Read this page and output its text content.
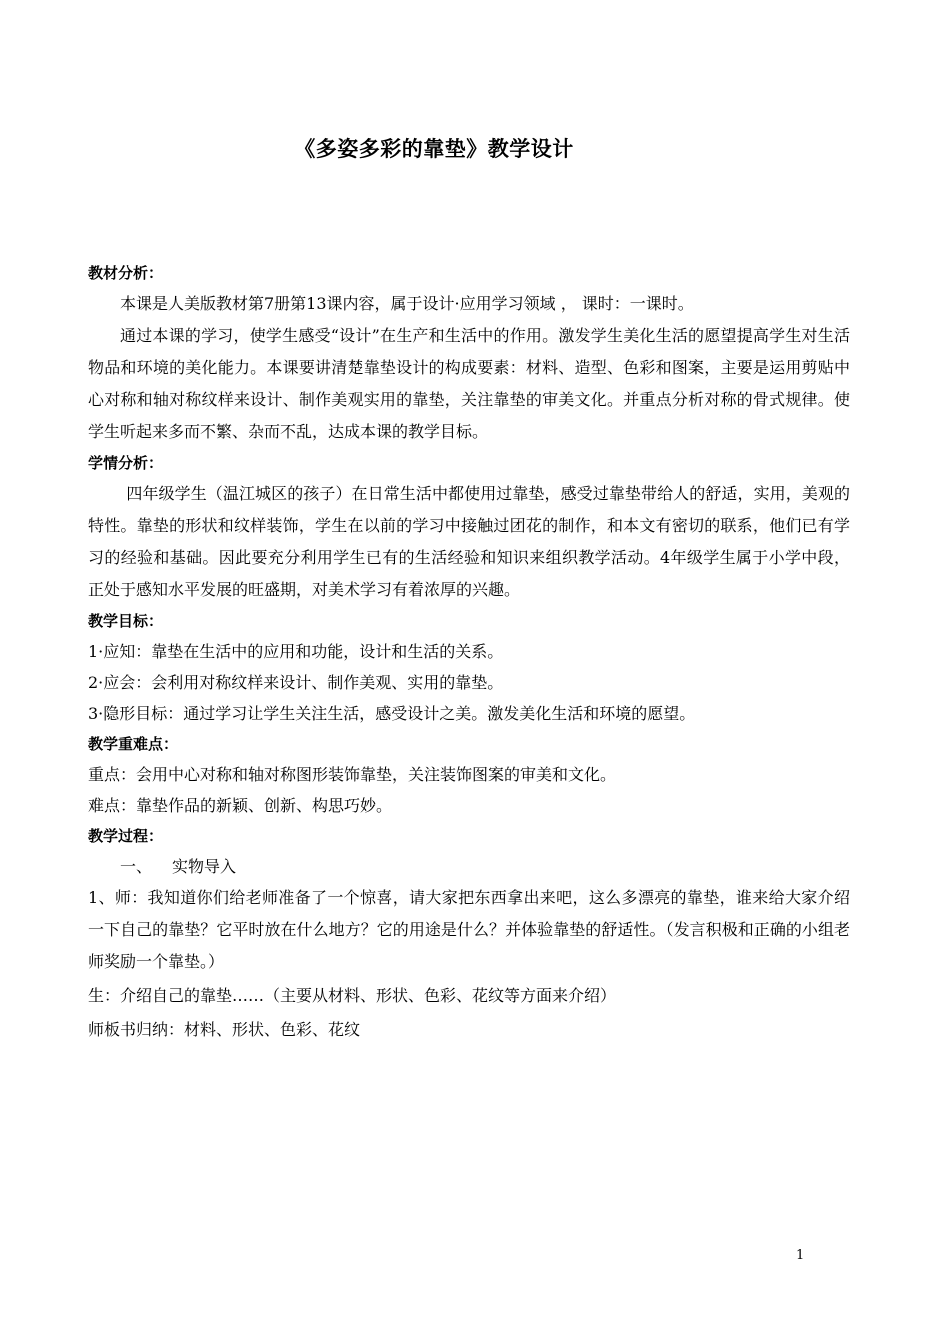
《多姿多彩的靠垫》教学设计
教材分析：
本课是人美版教材第7册第13课内容，属于设计·应用学习领域 ， 课时：一课时。
通过本课的学习，使学生感受“设计”在生产和生活中的作用。激发学生美化生活的愿望提高学生对生活物品和环境的美化能力。本课要讲清楚靠垫设计的构成要素：材料、造型、色彩和图案，主要是运用剪贴中心对称和轴对称纹样来设计、制作美观实用的靠垫，关注靠垫的审美文化。并重点分析对称的骨式规律。使学生听起来多而不繁、杂而不乱，达成本课的教学目标。
学情分析：
四年级学生（温江城区的孩子）在日常生活中都使用过靠垫，感受过靠垫带给人的舒适，实用，美观的特性。靠垫的形状和纹样装饰，学生在以前的学习中接触过团花的制作，和本文有密切的联系，他们已有学习的经验和基础。因此要充分利用学生已有的生活经验和知识来组织教学活动。4年级学生属于小学中段，正处于感知水平发展的旺盛期，对美术学习有着浓厚的兴趣。
教学目标：
1·应知：靠垫在生活中的应用和功能，设计和生活的关系。
2·应会：会利用对称纹样来设计、制作美观、实用的靠垫。
3·隐形目标：通过学习让学生关注生活，感受设计之美。激发美化生活和环境的愿望。
教学重难点：
重点：会用中心对称和轴对称图形装饰靠垫，关注装饰图案的审美和文化。
难点：靠垫作品的新颖、创新、构思巧妙。
教学过程：
一、 实物导入
1、师：我知道你们给老师准备了一个惊喜，请大家把东西拿出来吧，这么多漂亮的靠垫，谁来给大家介绍一下自己的靠垫？它平时放在什么地方？它的用途是什么？并体验靠垫的舒适性。（发言积极和正确的小组老师奖励一个靠垫。）
生：介绍自己的靠垫……（主要从材料、形状、色彩、花纹等方面来介绍）
师板书归纳：材料、形状、色彩、花纹
1
